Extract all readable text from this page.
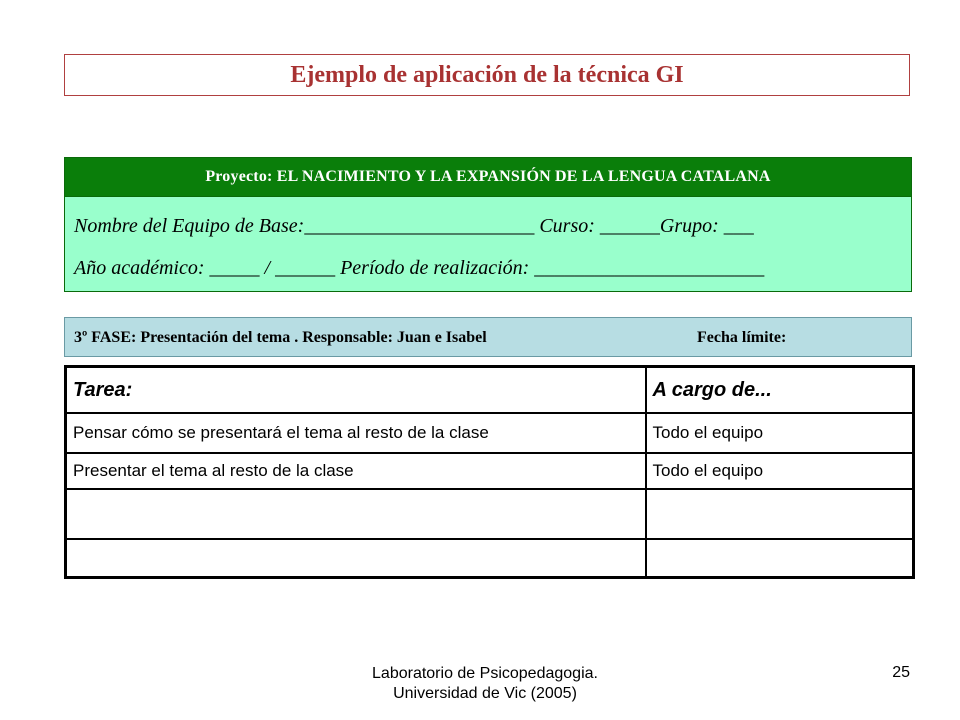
Ejemplo de aplicación de la técnica GI
Proyecto: EL NACIMIENTO Y LA EXPANSIÓN DE LA LENGUA CATALANA
Nombre del Equipo de Base:_______________________ Curso: ______Grupo: ___
Año académico: _____ / ______ Período de realización: _______________________
3º FASE: Presentación del tema . Responsable: Juan e Isabel	Fecha límite:
Tarea:	A cargo de...
Pensar cómo se presentará el tema al resto de la clase	Todo el equipo
Presentar el tema al resto de la clase	Todo el equipo

Laboratorio de Psicopedagogia.
Universidad de Vic (2005)
25
